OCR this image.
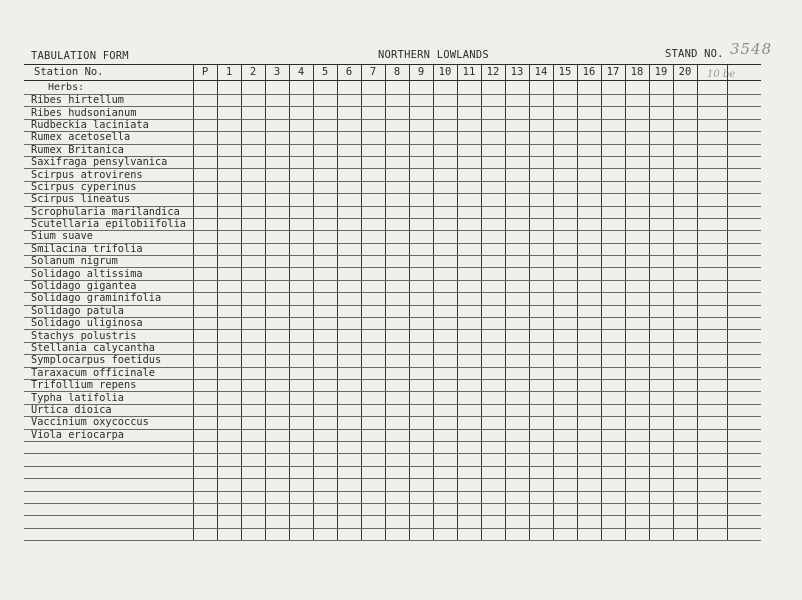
TABULATION FORM	NORTHERN LOWLANDS	STAND NO. 3548
10 be
Station No.	P	1	2	3	4	5	6	7	8	9	10	11	12	13	14	15	16	17	18	19	20		
Herbs:																							
Ribes hirtellum																							
Ribes hudsonianum																							
Rudbeckia laciniata																							
Rumex acetosella																							
Rumex Britanica																							
Saxifraga pensylvanica																							
Scirpus atrovirens																							
Scirpus cyperinus																							
Scirpus lineatus																							
Scrophularia marilandica																							
Scutellaria epilobiifolia																							
Sium suave																							
Smilacina trifolia																							
Solanum nigrum																							
Solidago altissima																							
Solidago gigantea																							
Solidago graminifolia																							
Solidago patula																							
Solidago uliginosa																							
Stachys polustris																							
Stellania calycantha																							
Symplocarpus foetidus																							
Taraxacum officinale																							
Trifollium repens																							
Typha latifolia																							
Urtica dioica																							
Vaccinium oxycoccus																							
Viola eriocarpa																							
